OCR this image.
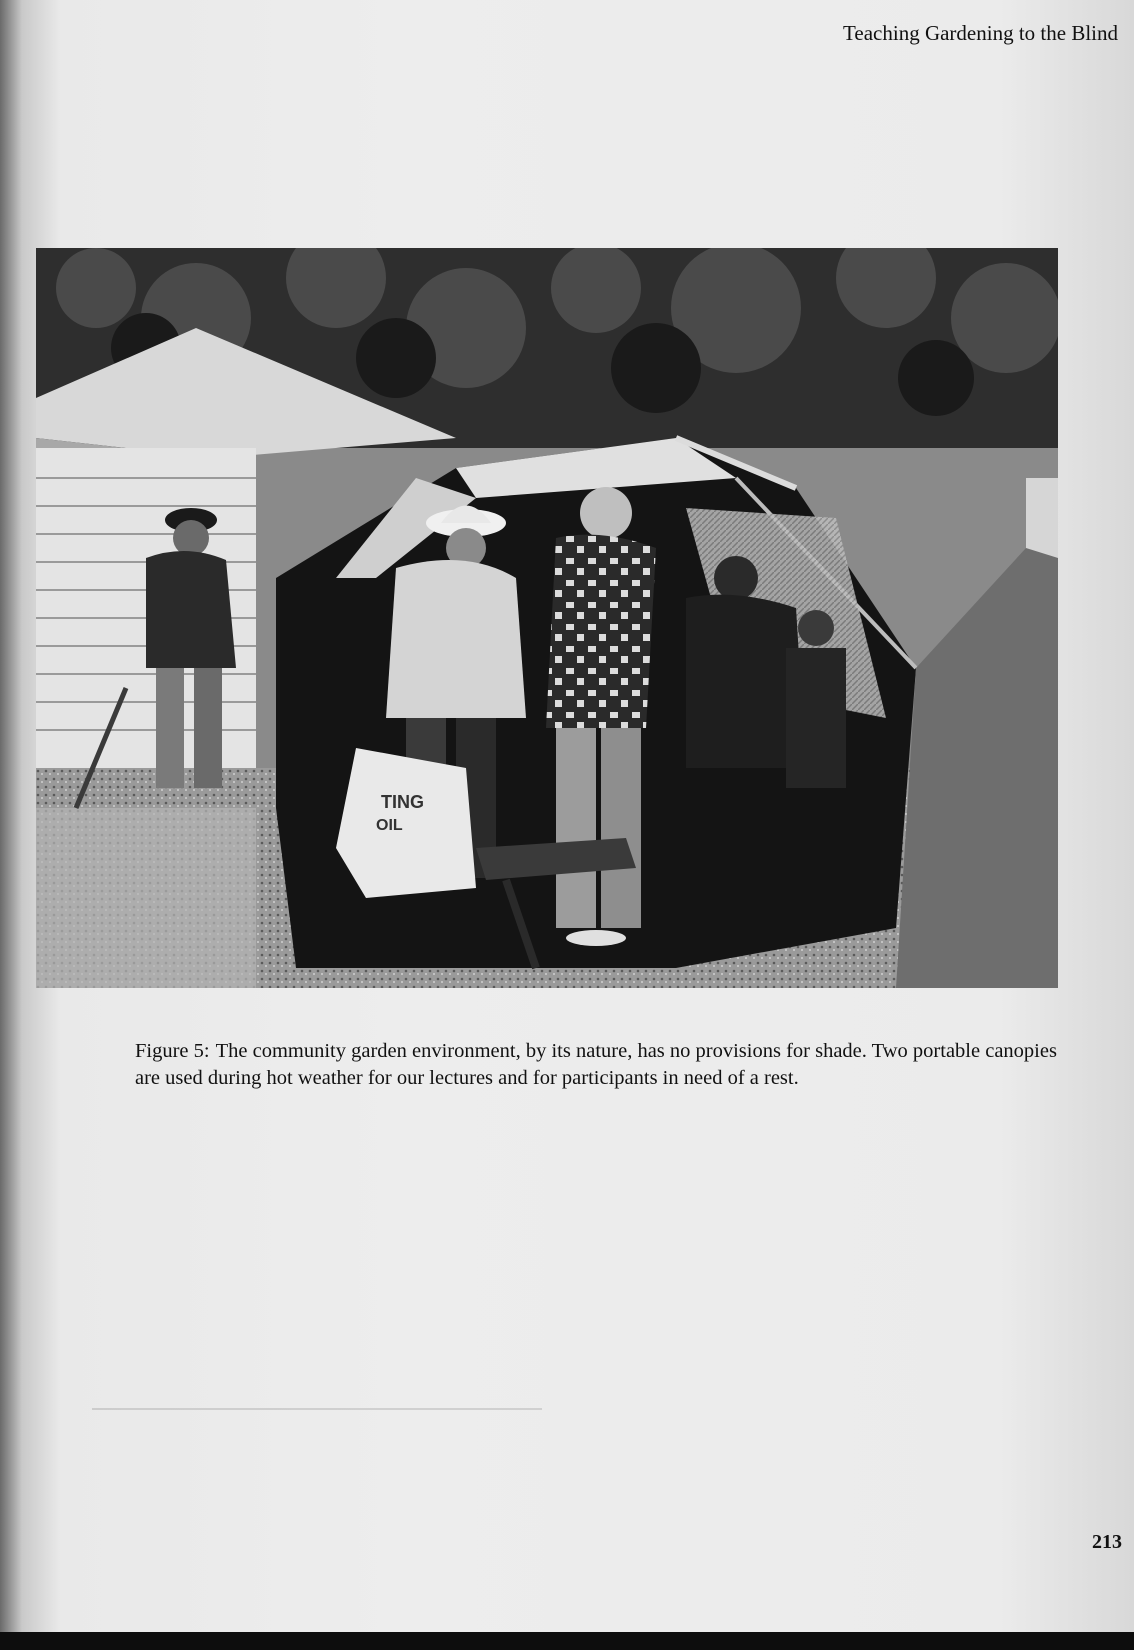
Teaching Gardening to the Blind
TING
OIL
Figure 5: The community garden environment, by its nature, has no provisions for shade. Two portable canopies are used during hot weather for our lectures and for participants in need of a rest.
213
